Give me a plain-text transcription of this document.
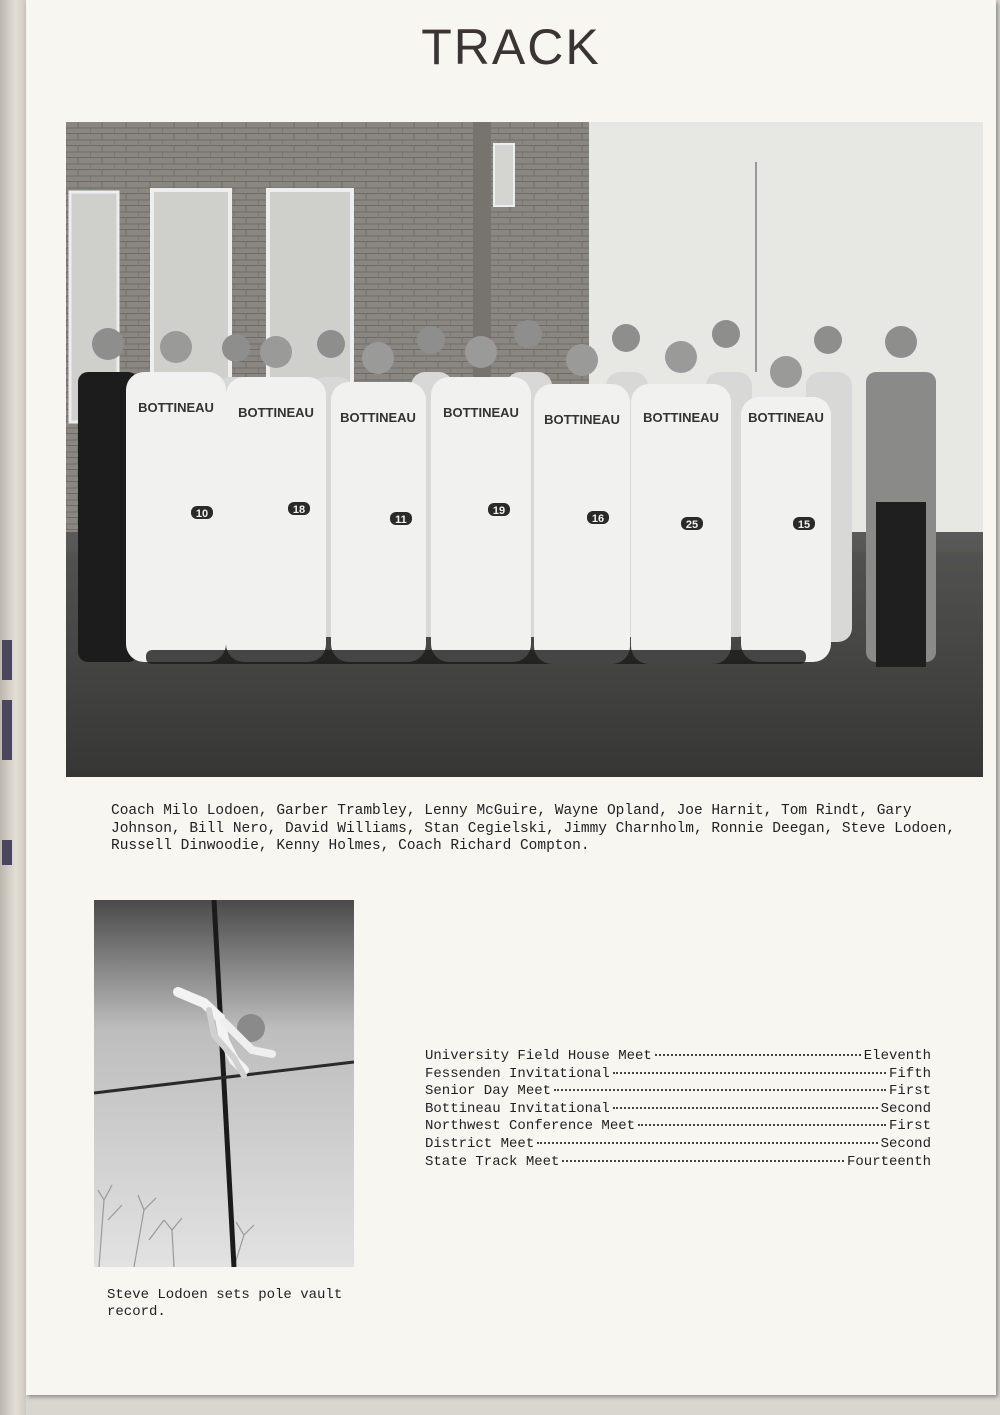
TRACK
BOTTINEAU BOTTINEAU BOTTINEAU BOTTINEAU BOTTINEAU BOTTINEAU BOTTINEAU
10	18
11
19
16	25	15

Coach Milo Lodoen, Garber Trambley, Lenny McGuire, Wayne Opland, Joe Harnit, Tom Rindt, Gary Johnson, Bill Nero, David Williams, Stan Cegielski, Jimmy Charnholm, Ronnie Deegan, Steve Lodoen, Russell Dinwoodie, Kenny Holmes, Coach Richard Compton.

Steve Lodoen sets pole vault record.
University Field House Meet	Eleventh
Fessenden Invitational	Fifth
Senior Day Meet	First
Bottineau Invitational	Second
Northwest Conference Meet	First
District Meet	Second
State Track Meet	Fourteenth
